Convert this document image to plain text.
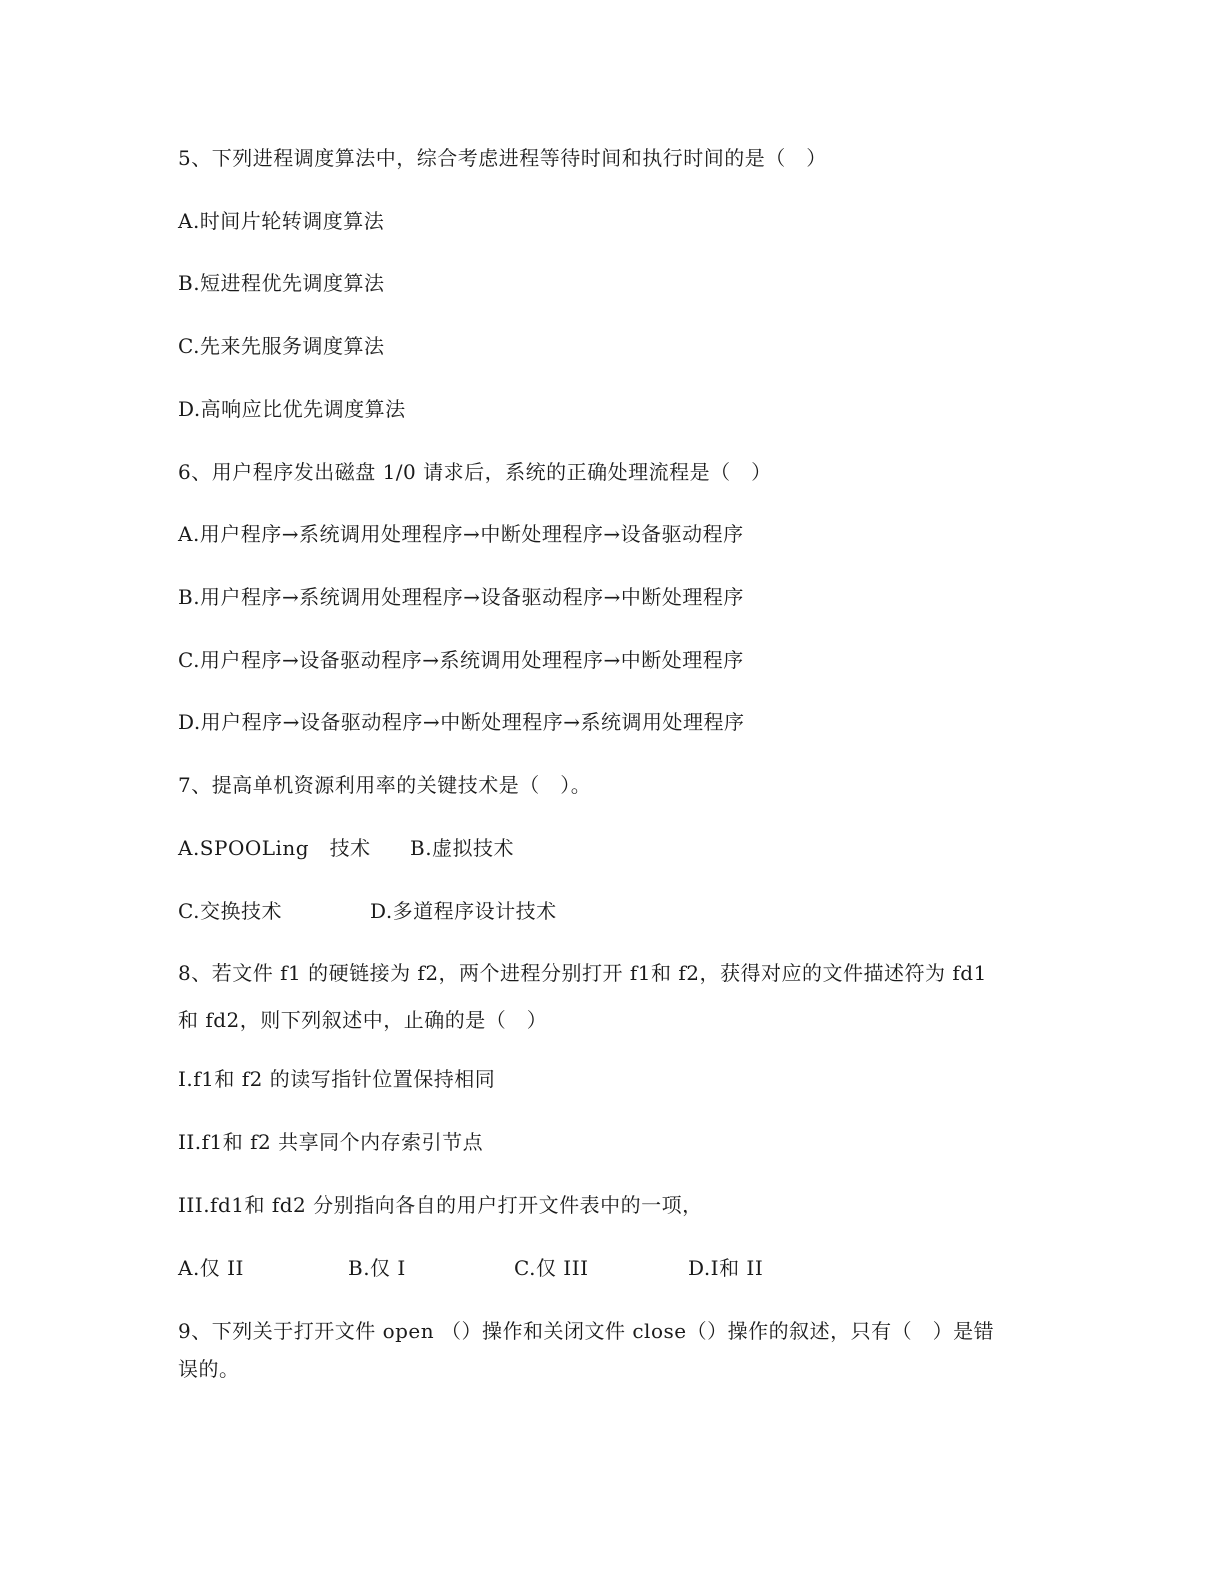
5、下列进程调度算法中，综合考虑进程等待时间和执行时间的是（　）
A.时间片轮转调度算法
B.短进程优先调度算法
C.先来先服务调度算法
D.高响应比优先调度算法
6、用户程序发出磁盘 1/0 请求后，系统的正确处理流程是（　）
A.用户程序→系统调用处理程序→中断处理程序→设备驱动程序
B.用户程序→系统调用处理程序→设备驱动程序→中断处理程序
C.用户程序→设备驱动程序→系统调用处理程序→中断处理程序
D.用户程序→设备驱动程序→中断处理程序→系统调用处理程序
7、提高单机资源利用率的关键技术是（　）。
A.SPOOLing　技术 B.虚拟技术
C.交换技术	D.多道程序设计技术
8、若文件 f1 的硬链接为 f2，两个进程分别打开 f1和 f2，获得对应的文件描述符为 fd1
和 fd2，则下列叙述中，止确的是（　）
I.f1和 f2 的读写指针位置保持相同
II.f1和 f2 共享同个内存索引节点
III.fd1和 fd2 分别指向各自的用户打开文件表中的一项，
A.仅 II	B.仅 I	C.仅 III	D.I和 II
9、下列关于打开文件 open （）操作和关闭文件 close（）操作的叙述，只有（　）是错
误的。
